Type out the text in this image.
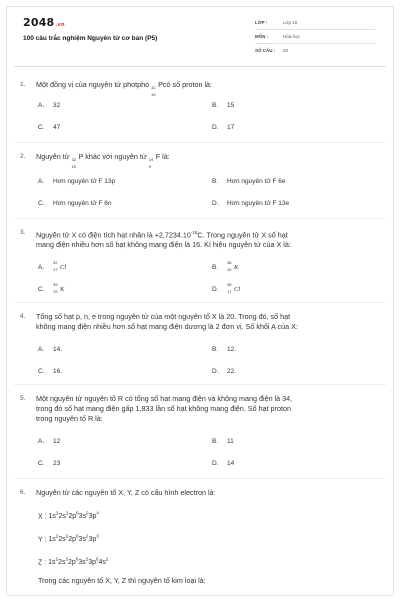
2048.vn
100 câu trắc nghiệm Nguyên tử cơ bản (P5)
LỚP :	Lớp 10
MÔN :	Hóa học
SỐ CÂU :	20
1.	Một đồng vị của nguyên tử photpho 32
15
Pcó số proton là:
A.	32	B.	15
C.	47	D.	17
2.	Nguyên tử 32
15
P khác với nguyên tử 19
9
F là:
A.	Hơn nguyên tử F 13p	B.	Hơn nguyên tử F 6e
C.	Hơn nguyên tử F 6n	D.	Hơn nguyên tử F 13e
3.	Nguyên tử X có điện tích hạt nhân là $+2,7234.10^{-18}C$. Trong nguyên tử X số hạt
mang điện nhiều hơn số hạt không mang điện là 16. Kí hiệu nguyên tử của X là:
A.
32
17 Cl	B.
36
19 K
C.
39
19 K	D.
35
17 Cl
4.	Tổng số hạt p, n, e trong nguyên tử của một nguyên tố X là 20. Trong đó, số hạt
không mang điện nhiều hơn số hạt mang điện dương là 2 đơn vị. Số khối A của X:
A.	14.	B.	12.
C.	16.	D.	22.
5.	Một nguyên tử nguyên tố R có tổng số hạt mang điện và không mang điện là 34,
trong đó số hạt mang điện gấp 1,833 lần số hạt không mang điện. Số hạt proton
trong nguyên tố R là:
A.	12	B.	11
C.	23	D.	14
6.	Nguyên tử các nguyên tố X, Y, Z có cấu hình electron là:
X : $1s^22s^22p^63s^23p^4$
Y : $1s^22s^22p^63s^23p^3$
Z : $1s^22s^22p^63s^23p^64s^2$
Trong các nguyên tố X, Y, Z thì nguyên tố kim loại là:
